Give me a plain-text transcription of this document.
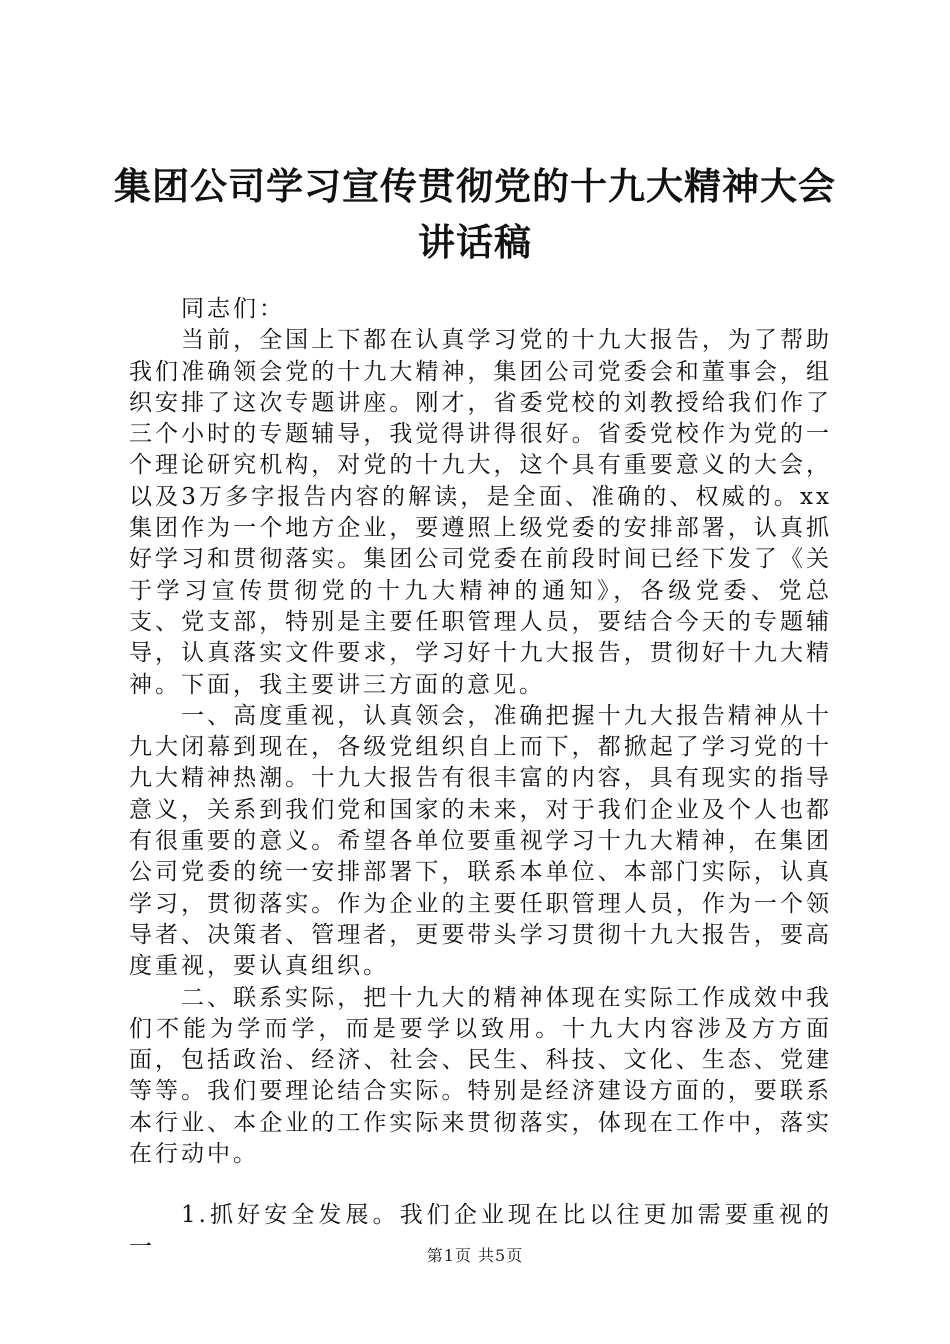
集团公司学习宣传贯彻党的十九大精神大会讲话稿

同志们：

当前，全国上下都在认真学习党的十九大报告，为了帮助我们准确领会党的十九大精神，集团公司党委会和董事会，组织安排了这次专题讲座。刚才，省委党校的刘教授给我们作了三个小时的专题辅导，我觉得讲得很好。省委党校作为党的一个理论研究机构，对党的十九大，这个具有重要意义的大会，以及3万多字报告内容的解读，是全面、准确的、权威的。xx集团作为一个地方企业，要遵照上级党委的安排部署，认真抓好学习和贯彻落实。集团公司党委在前段时间已经下发了《关于学习宣传贯彻党的十九大精神的通知》，各级党委、党总支、党支部，特别是主要任职管理人员，要结合今天的专题辅导，认真落实文件要求，学习好十九大报告，贯彻好十九大精神。下面，我主要讲三方面的意见。

一、高度重视，认真领会，准确把握十九大报告精神从十九大闭幕到现在，各级党组织自上而下，都掀起了学习党的十九大精神热潮。十九大报告有很丰富的内容，具有现实的指导意义，关系到我们党和国家的未来，对于我们企业及个人也都有很重要的意义。希望各单位要重视学习十九大精神，在集团公司党委的统一安排部署下，联系本单位、本部门实际，认真学习，贯彻落实。作为企业的主要任职管理人员，作为一个领导者、决策者、管理者，更要带头学习贯彻十九大报告，要高度重视，要认真组织。

二、联系实际，把十九大的精神体现在实际工作成效中我们不能为学而学，而是要学以致用。十九大内容涉及方方面面，包括政治、经济、社会、民生、科技、文化、生态、党建等等。我们要理论结合实际。特别是经济建设方面的，要联系本行业、本企业的工作实际来贯彻落实，体现在工作中，落实在行动中。

1.抓好安全发展。我们企业现在比以往更加需要重视的一	第1页 共5页
